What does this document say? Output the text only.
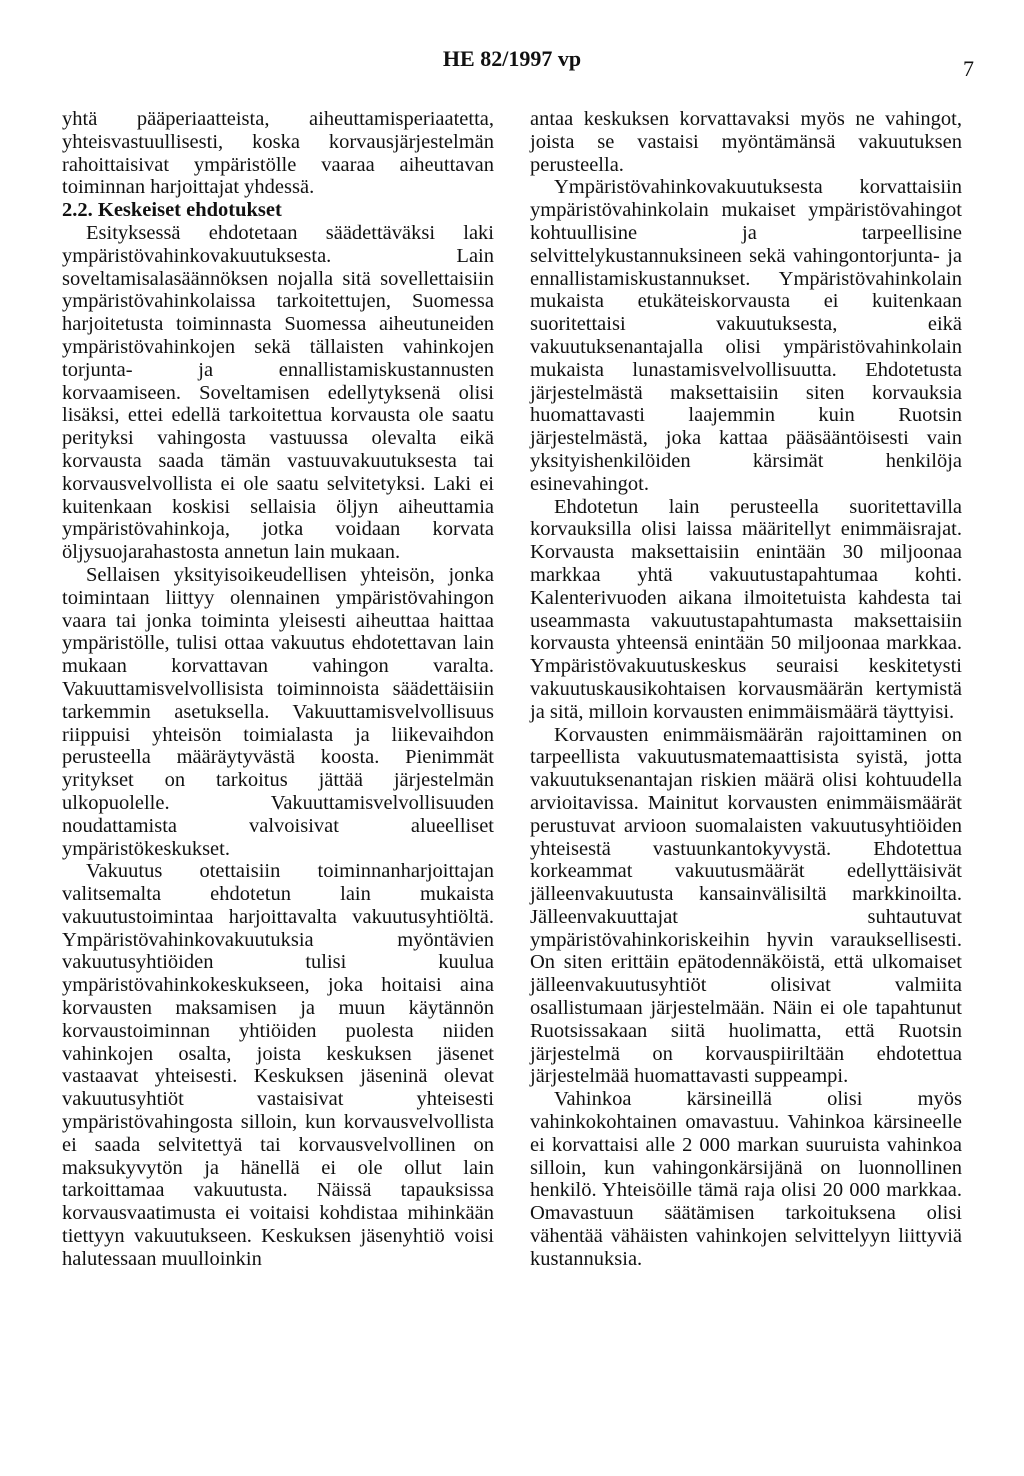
HE 82/1997 vp	7

yhtä pääperiaatteista, aiheuttamisperiaatetta, yhteisvastuullisesti, koska korvausjärjestelmän rahoittaisivat ympäristölle vaaraa aiheuttavan toiminnan harjoittajat yhdessä.

2.2. Keskeiset ehdotukset

Esityksessä ehdotetaan säädettäväksi laki ympäristövahinkovakuutuksesta. Lain soveltamisalasäännöksen nojalla sitä sovellettaisiin ympäristövahinkolaissa tarkoitettujen, Suomessa harjoitetusta toiminnasta Suomessa aiheutuneiden ympäristövahinkojen sekä tällaisten vahinkojen torjunta- ja ennallistamiskustannusten korvaamiseen. Soveltamisen edellytyksenä olisi lisäksi, ettei edellä tarkoitettua korvausta ole saatu perityksi vahingosta vastuussa olevalta eikä korvausta saada tämän vastuuvakuutuksesta tai korvausvelvollista ei ole saatu selvitetyksi. Laki ei kuitenkaan koskisi sellaisia öljyn aiheuttamia ympäristövahinkoja, jotka voidaan korvata öljysuojarahastosta annetun lain mukaan.

Sellaisen yksityisoikeudellisen yhteisön, jonka toimintaan liittyy olennainen ympäristövahingon vaara tai jonka toiminta yleisesti aiheuttaa haittaa ympäristölle, tulisi ottaa vakuutus ehdotettavan lain mukaan korvattavan vahingon varalta. Vakuuttamisvelvollisista toiminnoista säädettäisiin tarkemmin asetuksella. Vakuuttamisvelvollisuus riippuisi yhteisön toimialasta ja liikevaihdon perusteella määräytyvästä koosta. Pienimmät yritykset on tarkoitus jättää järjestelmän ulkopuolelle. Vakuuttamisvelvollisuuden noudattamista valvoisivat alueelliset ympäristökeskukset.

Vakuutus otettaisiin toiminnanharjoittajan valitsemalta ehdotetun lain mukaista vakuutustoimintaa harjoittavalta vakuutusyhtiöltä. Ympäristövahinkovakuutuksia myöntävien vakuutusyhtiöiden tulisi kuulua ympäristövahinkokeskukseen, joka hoitaisi aina korvausten maksamisen ja muun käytännön korvaustoiminnan yhtiöiden puolesta niiden vahinkojen osalta, joista keskuksen jäsenet vastaavat yhteisesti. Keskuksen jäseninä olevat vakuutusyhtiöt vastaisivat yhteisesti ympäristövahingosta silloin, kun korvausvelvollista ei saada selvitettyä tai korvausvelvollinen on maksukyvytön ja hänellä ei ole ollut lain tarkoittamaa vakuutusta. Näissä tapauksissa korvausvaatimusta ei voitaisi kohdistaa mihinkään tiettyyn vakuutukseen. Keskuksen jäsenyhtiö voisi halutessaan muulloinkin

antaa keskuksen korvattavaksi myös ne vahingot, joista se vastaisi myöntämänsä vakuutuksen perusteella.

Ympäristövahinkovakuutuksesta korvattaisiin ympäristövahinkolain mukaiset ympäristövahingot kohtuullisine ja tarpeellisine selvittelykustannuksineen sekä vahingontorjunta- ja ennallistamiskustannukset. Ympäristövahinkolain mukaista etukäteiskorvausta ei kuitenkaan suoritettaisi vakuutuksesta, eikä vakuutuksenantajalla olisi ympäristövahinkolain mukaista lunastamisvelvollisuutta. Ehdotetusta järjestelmästä maksettaisiin siten korvauksia huomattavasti laajemmin kuin Ruotsin järjestelmästä, joka kattaa pääsääntöisesti vain yksityishenkilöiden kärsimät henkilöja esinevahingot.

Ehdotetun lain perusteella suoritettavilla korvauksilla olisi laissa määritellyt enimmäisrajat. Korvausta maksettaisiin enintään 30 miljoonaa markkaa yhtä vakuutustapahtumaa kohti. Kalenterivuoden aikana ilmoitetuista kahdesta tai useammasta vakuutustapahtumasta maksettaisiin korvausta yhteensä enintään 50 miljoonaa markkaa. Ympäristövakuutuskeskus seuraisi keskitetysti vakuutuskausikohtaisen korvausmäärän kertymistä ja sitä, milloin korvausten enimmäismäärä täyttyisi.

Korvausten enimmäismäärän rajoittaminen on tarpeellista vakuutusmatemaattisista syistä, jotta vakuutuksenantajan riskien määrä olisi kohtuudella arvioitavissa. Mainitut korvausten enimmäismäärät perustuvat arvioon suomalaisten vakuutusyhtiöiden yhteisestä vastuunkantokyvystä. Ehdotettua korkeammat vakuutusmäärät edellyttäisivät jälleenvakuutusta kansainvälisiltä markkinoilta. Jälleenvakuuttajat suhtautuvat ympäristövahinkoriskeihin hyvin varauksellisesti. On siten erittäin epätodennäköistä, että ulkomaiset jälleenvakuutusyhtiöt olisivat valmiita osallistumaan järjestelmään. Näin ei ole tapahtunut Ruotsissakaan siitä huolimatta, että Ruotsin järjestelmä on korvauspiiriltään ehdotettua järjestelmää huomattavasti suppeampi.

Vahinkoa kärsineillä olisi myös vahinkokohtainen omavastuu. Vahinkoa kärsineelle ei korvattaisi alle 2 000 markan suuruista vahinkoa silloin, kun vahingonkärsijänä on luonnollinen henkilö. Yhteisöille tämä raja olisi 20 000 markkaa. Omavastuun säätämisen tarkoituksena olisi vähentää vähäisten vahinkojen selvittelyyn liittyviä kustannuksia.
